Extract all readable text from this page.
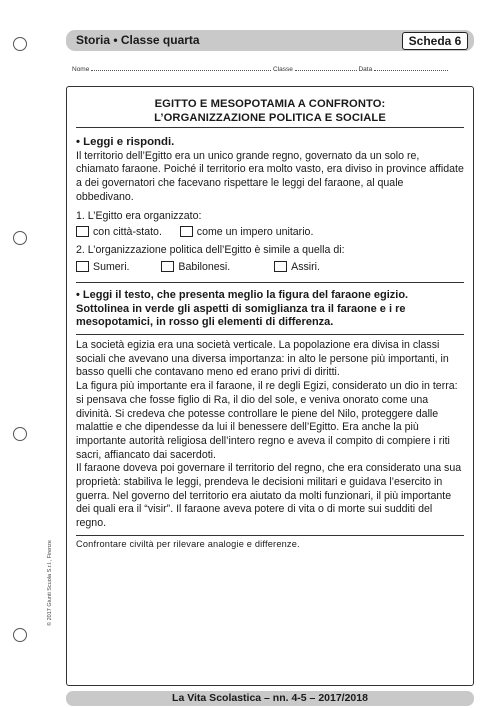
Storia • Classe quarta	Scheda 6
Nome	Classe	Data
EGITTO E MESOPOTAMIA A CONFRONTO:
L’ORGANIZZAZIONE POLITICA E SOCIALE

• Leggi e rispondi.

Il territorio dell’Egitto era un unico grande regno, governato da un solo re, chiamato faraone. Poiché il territorio era molto vasto, era diviso in province affidate a dei governatori che facevano rispettare le leggi del faraone, al quale obbedivano.

1. L’Egitto era organizzato:

con città-stato.	come un impero unitario.

2. L’organizzazione politica dell’Egitto è simile a quella di:

Sumeri.	Babilonesi.	Assiri.

• Leggi il testo, che presenta meglio la figura del faraone egizio. Sottolinea in verde gli aspetti di somiglianza tra il faraone e i re mesopotamici, in rosso gli elementi di differenza.

La società egizia era una società verticale. La popolazione era divisa in classi sociali che avevano una diversa importanza: in alto le persone più importanti, in basso quelli che contavano meno ed erano privi di diritti.

La figura più importante era il faraone, il re degli Egizi, considerato un dio in terra: si pensava che fosse figlio di Ra, il dio del sole, e veniva onorato come una divinità. Si credeva che potesse controllare le piene del Nilo, proteggere dalle malattie e che dipendesse da lui il benessere dell’Egitto. Era anche la più importante autorità religiosa dell’intero regno e aveva il compito di compiere i riti sacri, affiancato dai sacerdoti.

Il faraone doveva poi governare il territorio del regno, che era considerato una sua proprietà: stabiliva le leggi, prendeva le decisioni militari e guidava l’esercito in guerra. Nel governo del territorio era aiutato da molti funzionari, il più importante dei quali era il “visir”. Il faraone aveva potere di vita o di morte sui sudditi del regno.

Confrontare civiltà per rilevare analogie e differenze.

© 2017 Giunti Scuola S.r.l., Firenze
La Vita Scolastica – nn. 4-5 – 2017/2018
